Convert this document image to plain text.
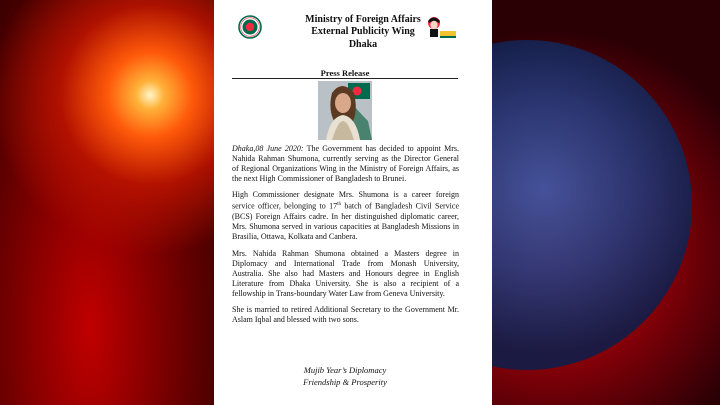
Ministry of Foreign Affairs
External Publicity Wing
Dhaka
Press Release

Dhaka,08 June 2020: The Government has decided to appoint Mrs. Nahida Rahman Shumona, currently serving as the Director General of Regional Organizations Wing in the Ministry of Foreign Affairs, as the next High Commissioner of Bangladesh to Brunei.

High Commissioner designate Mrs. Shumona is a career foreign service officer, belonging to 17th batch of Bangladesh Civil Service (BCS) Foreign Affairs cadre. In her distinguished diplomatic career, Mrs. Shumona served in various capacities at Bangladesh Missions in Brasilia, Ottawa, Kolkata and Canbera.

Mrs. Nahida Rahman Shumona obtained a Masters degree in Diplomacy and International Trade from Monash University, Australia. She also had Masters and Honours degree in English Literature from Dhaka University. She is also a recipient of a fellowship in Trans-boundary Water Law from Geneva University.

She is married to retired Additional Secretary to the Government Mr. Aslam Iqbal and blessed with two sons.

Mujib Year’s Diplomacy
Friendship & Prosperity
